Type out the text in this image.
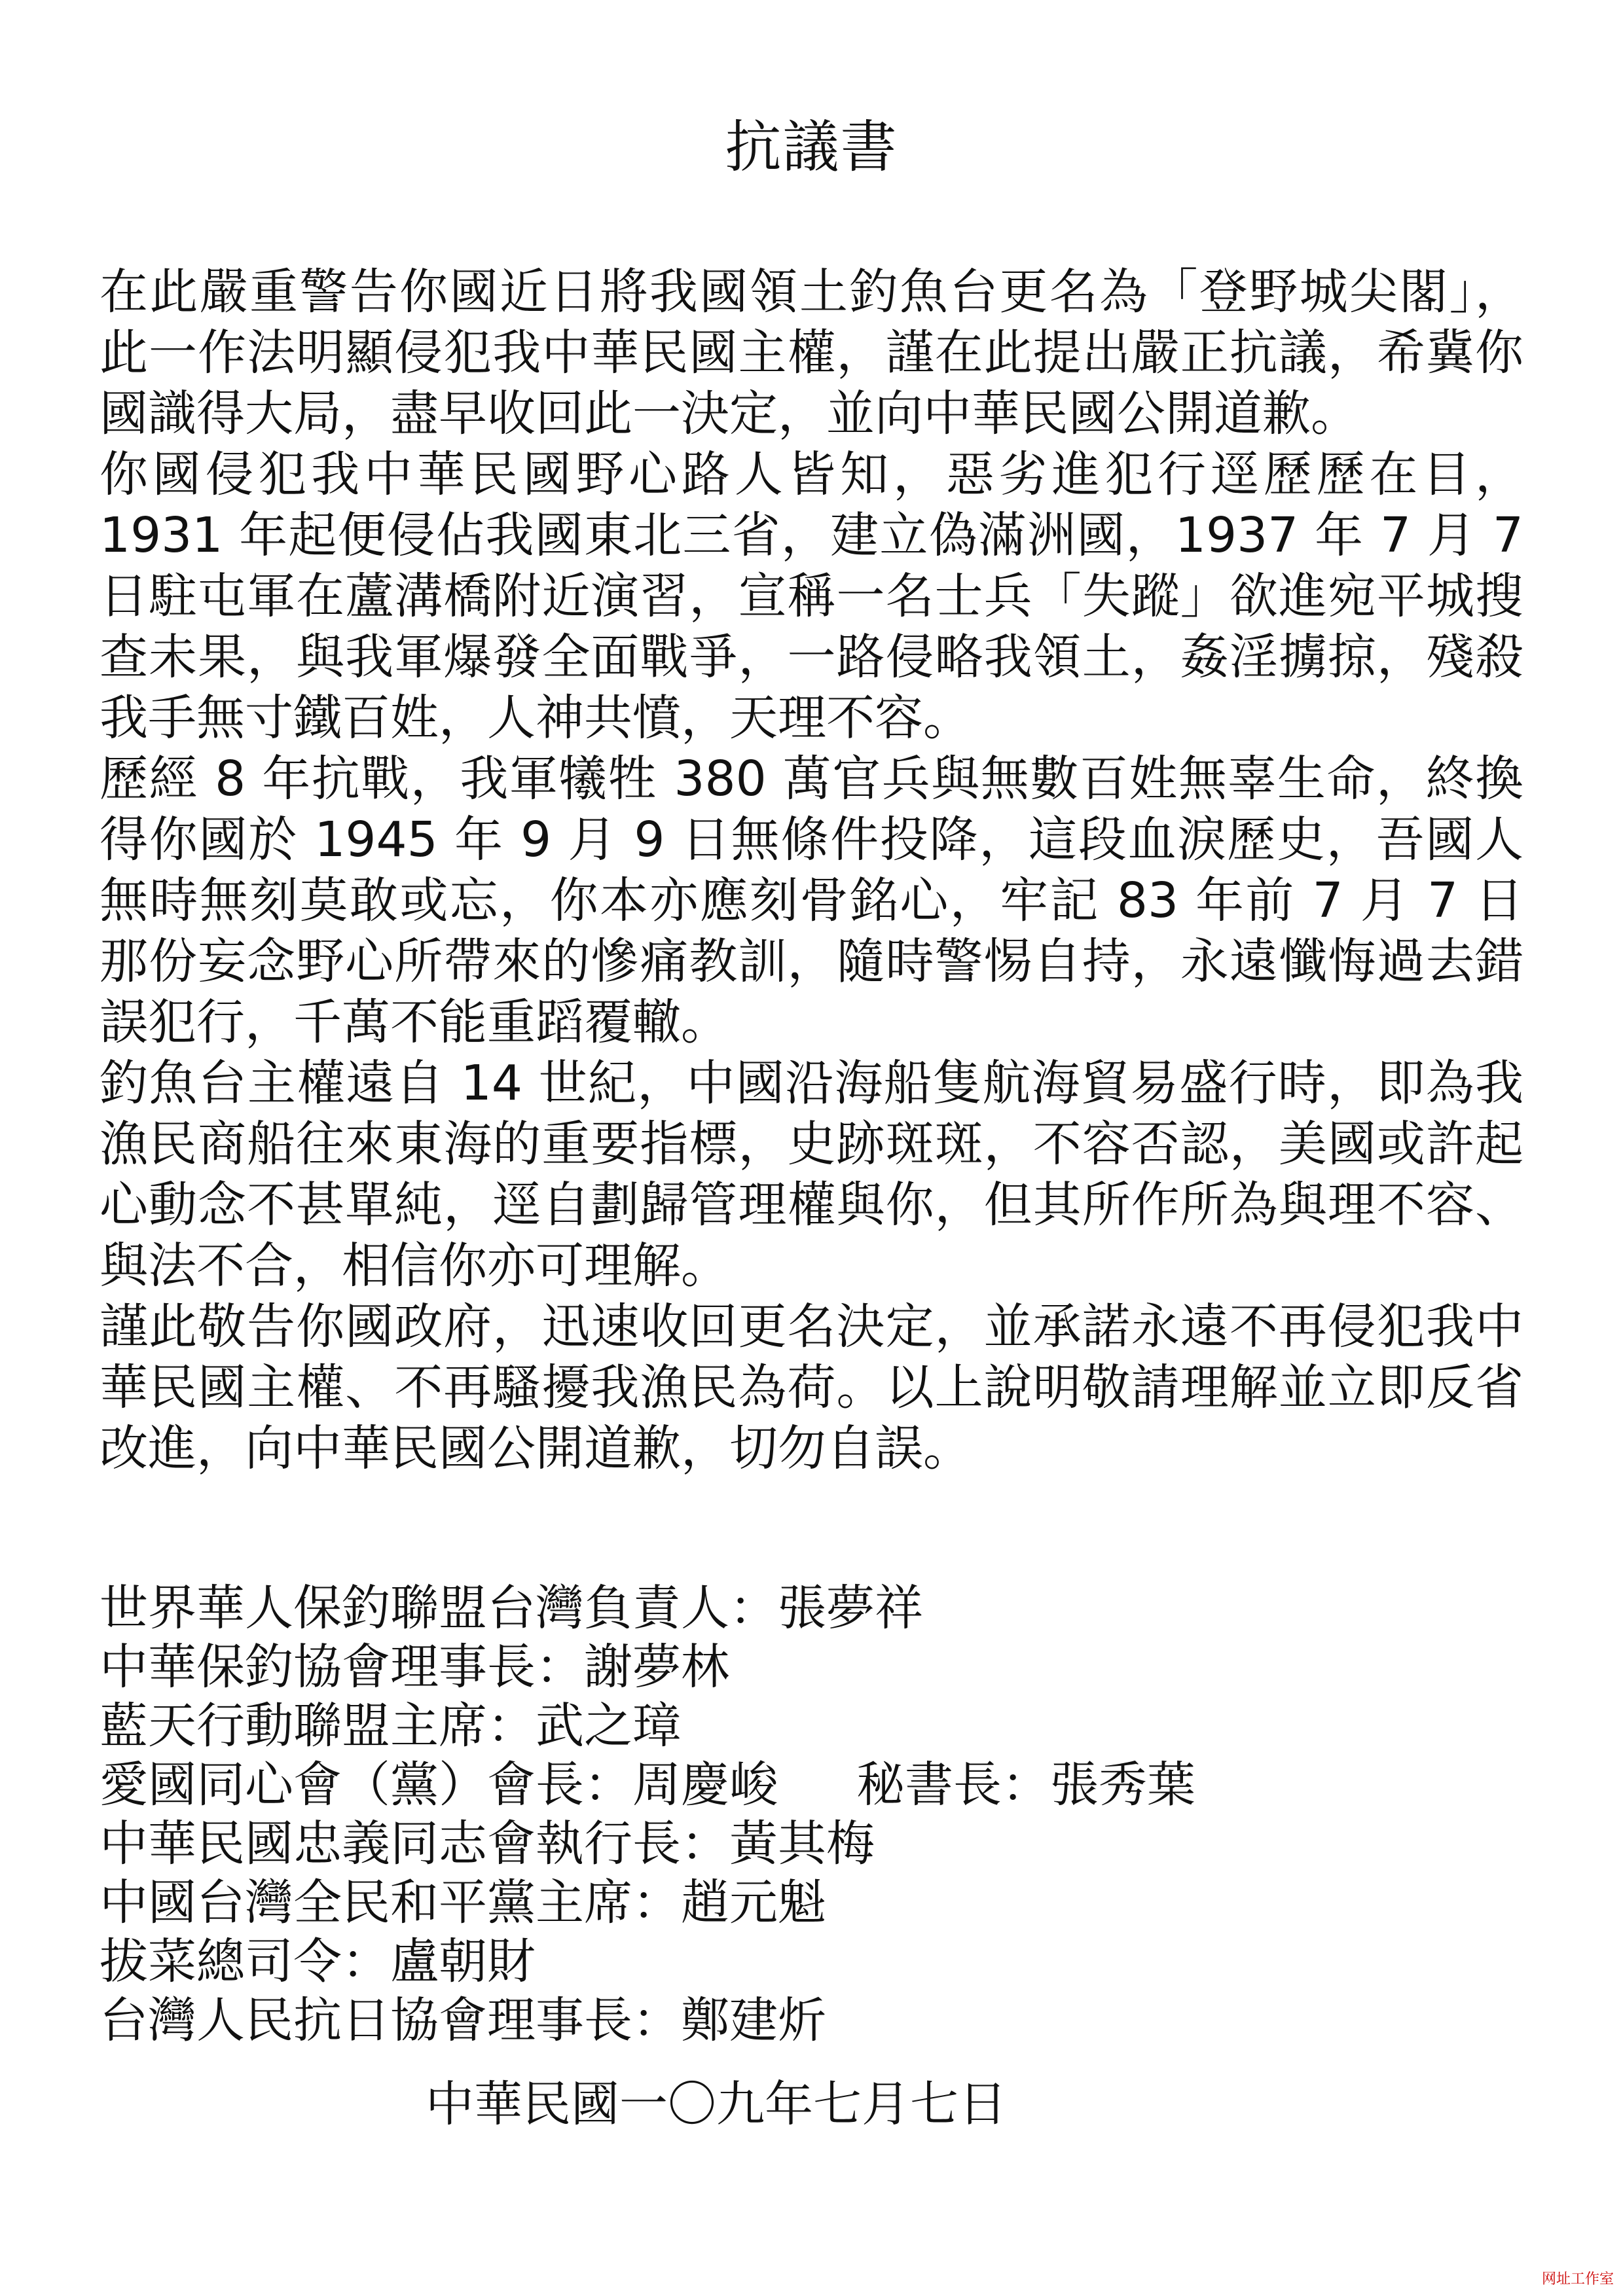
抗議書

在此嚴重警告你國近日將我國領土釣魚台更名為「登野城尖閣」，此一作法明顯侵犯我中華民國主權，謹在此提出嚴正抗議，希冀你國識得大局，盡早收回此一決定，並向中華民國公開道歉。

你國侵犯我中華民國野心路人皆知，惡劣進犯行逕歷歷在目，1931 年起便侵佔我國東北三省，建立偽滿洲國，1937 年 7 月 7 日駐屯軍在蘆溝橋附近演習，宣稱一名士兵「失蹤」欲進宛平城搜查未果，與我軍爆發全面戰爭，一路侵略我領土，姦淫擄掠，殘殺我手無寸鐵百姓，人神共憤，天理不容。

歷經 8 年抗戰，我軍犧牲 380 萬官兵與無數百姓無辜生命，終換得你國於 1945 年 9 月 9 日無條件投降，這段血淚歷史，吾國人無時無刻莫敢或忘，你本亦應刻骨銘心，牢記 83 年前 7 月 7 日那份妄念野心所帶來的慘痛教訓，隨時警惕自持，永遠懺悔過去錯誤犯行，千萬不能重蹈覆轍。

釣魚台主權遠自 14 世紀，中國沿海船隻航海貿易盛行時，即為我漁民商船往來東海的重要指標，史跡斑斑，不容否認，美國或許起心動念不甚單純，逕自劃歸管理權與你，但其所作所為與理不容、與法不合，相信你亦可理解。

謹此敬告你國政府，迅速收回更名決定，並承諾永遠不再侵犯我中華民國主權、不再騷擾我漁民為荷。以上說明敬請理解並立即反省改進，向中華民國公開道歉，切勿自誤。

世界華人保釣聯盟台灣負責人：張夢祥
中華保釣協會理事長：謝夢林
藍天行動聯盟主席：武之璋
愛國同心會（黨）會長：周慶峻 秘書長：張秀葉
中華民國忠義同志會執行長：黃其梅
中國台灣全民和平黨主席：趙元魁
拔菜總司令：盧朝財
台灣人民抗日協會理事長：鄭建炘
中華民國一〇九年七月七日
网址工作室
